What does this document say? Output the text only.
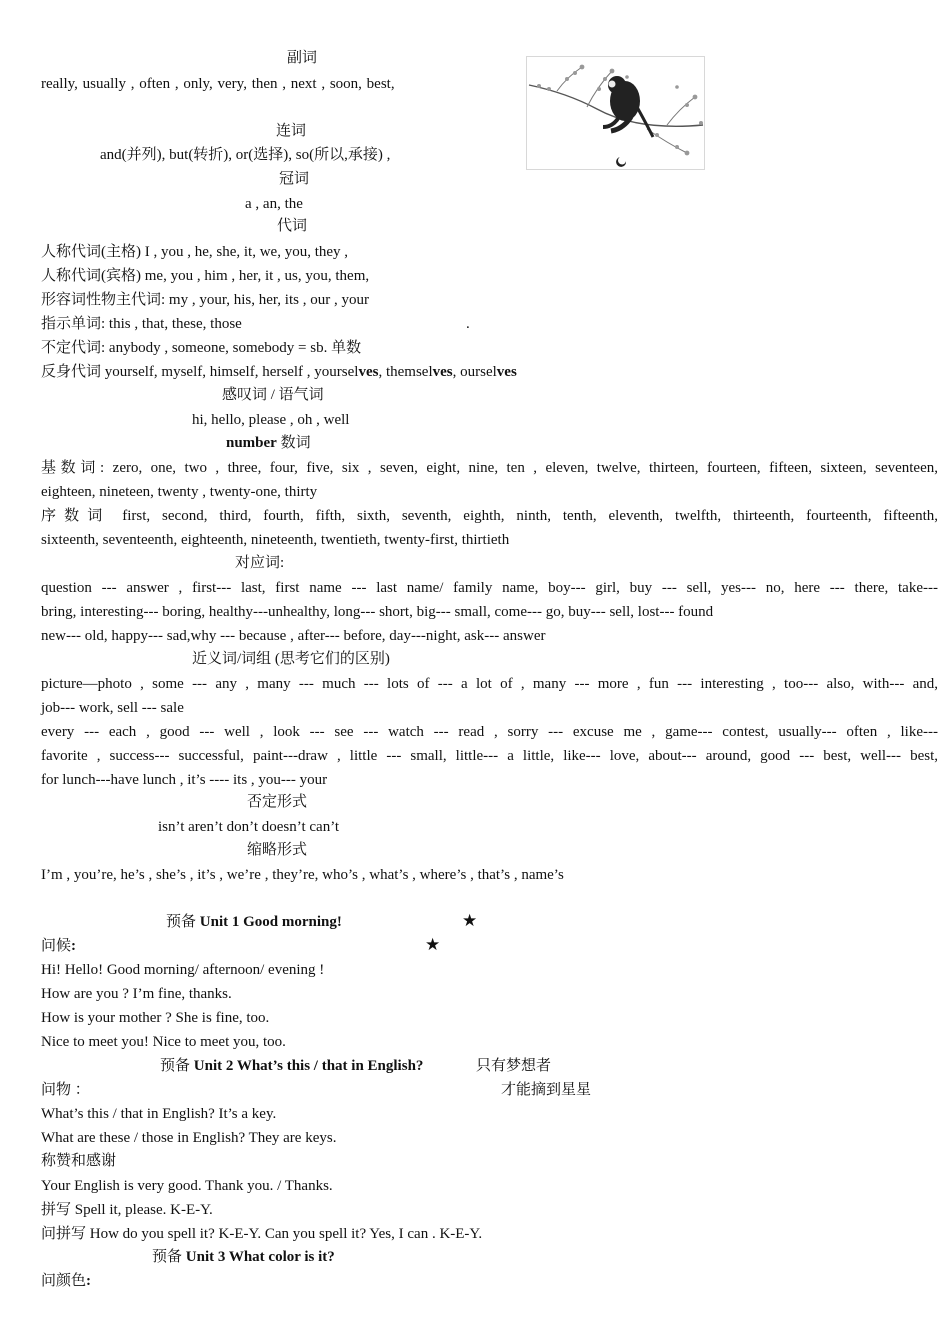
副词
really, usually , often , only, very, then , next , soon, best,
连词
and(并列), but(转折), or(选择), so(所以,承接) ,
冠词
a , an, the
代词
人称代词(主格) I , you , he, she, it, we, you, they ,
人称代词(宾格) me, you , him , her, it , us, you, them,
形容词性物主代词: my , your, his, her, its , our , your
指示单词: this , that, these, those	.
不定代词: anybody , someone, somebody = sb. 单数
反身代词 yourself, myself, himself, herself , yourselves, themselves, ourselves
感叹词 / 语气词
hi, hello, please , oh , well
number 数词
基数词: zero, one, two , three, four, five, six , seven, eight, nine, ten , eleven, twelve, thirteen, fourteen, fifteen, sixteen, seventeen,
eighteen, nineteen, twenty , twenty-one, thirty
序数词 first, second, third, fourth, fifth, sixth, seventh, eighth, ninth, tenth, eleventh, twelfth, thirteenth, fourteenth, fifteenth,
sixteenth, seventeenth, eighteenth, nineteenth, twentieth, twenty-first, thirtieth
对应词:
question --- answer , first--- last, first name --- last name/ family name, boy--- girl, buy --- sell, yes--- no, here --- there, take---
bring, interesting--- boring, healthy---unhealthy, long--- short, big--- small, come--- go, buy--- sell, lost--- found
new--- old, happy--- sad,why --- because , after--- before, day---night, ask--- answer
近义词/词组 (思考它们的区别)
picture—photo , some --- any , many --- much --- lots of --- a lot of , many --- more , fun --- interesting , too--- also, with--- and,
job--- work, sell --- sale
every --- each , good --- well , look --- see --- watch --- read , sorry --- excuse me , game--- contest, usually--- often , like---
favorite , success--- successful, paint---draw , little --- small, little--- a little, like--- love, about--- around, good --- best, well--- best,
for lunch---have lunch , it’s ---- its , you--- your
否定形式
isn’t aren’t don’t doesn’t can’t
缩略形式
I’m , you’re, he’s , she’s , it’s , we’re , they’re, who’s , what’s , where’s , that’s , name’s
预备 Unit 1 Good morning!	★
问候:	★
Hi! Hello! Good morning/ afternoon/ evening !
How are you ? I’m fine, thanks.
How is your mother ? She is fine, too.
Nice to meet you! Nice to meet you, too.
预备 Unit 2 What’s this / that in English?	只有梦想者
问物 ：	才能摘到星星
What’s this / that in English? It’s a key.
What are these / those in English? They are keys.
称赞和感谢
Your English is very good. Thank you. / Thanks.
拼写 Spell it, please. K-E-Y.
问拼写 How do you spell it? K-E-Y. Can you spell it? Yes, I can . K-E-Y.
预备 Unit 3 What color is it?
问颜色:
